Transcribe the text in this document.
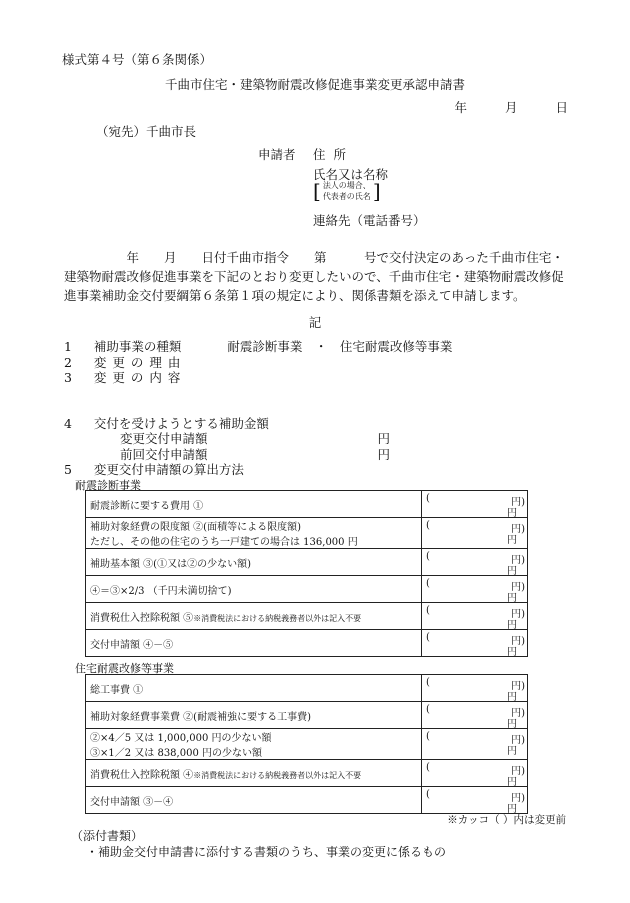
様式第４号（第６条関係）
千曲市住宅・建築物耐震改修促進事業変更承認申請書
年	月	日
（宛先）千曲市長
申請者 住所
氏名又は名称
[ 法人の場合、
代表者の氏名 ]
連絡先（電話番号）
　　　　　年　　月　　日付千曲市指令　　第　　　号で交付決定のあった千曲市住宅・建築物耐震改修促進事業を下記のとおり変更したいので、千曲市住宅・建築物耐震改修促進事業補助金交付要綱第６条第１項の規定により、関係書類を添えて申請します。
記
1 補助事業の種類	耐震診断事業　・　住宅耐震改修等事業
2 変更の理由
3 変更の内容
4 交付を受けようとする補助金額
変更交付申請額	円
前回交付申請額	円
5 変更交付申請額の算出方法
耐震診断事業
耐震診断に要する費用 ①	( 円)
円

補助対象経費の限度額 ②(面積等による限度額)
ただし、その他の住宅のうち一戸建ての場合は 136,000 円	( 円)
円

補助基本額 ③(①又は②の少ない額)	( 円)
円

④＝③×2/3 （千円未満切捨て)	( 円)
円

消費税仕入控除税額 ⑤※消費税法における納税義務者以外は記入不要	( 円)
円

交付申請額 ④－⑤	( 円)
円
住宅耐震改修等事業
総工事費 ①	( 円)
円

補助対象経費事業費 ②(耐震補強に要する工事費)	( 円)
円

②×4／5 又は 1,000,000 円の少ない額
③×1／2 又は 838,000 円の少ない額	( 円)
円

消費税仕入控除税額 ④※消費税法における納税義務者以外は記入不要	( 円)
円

交付申請額 ③－④	( 円)
円
※カッコ（ ）内は変更前
（添付書類）
・補助金交付申請書に添付する書類のうち、事業の変更に係るもの
